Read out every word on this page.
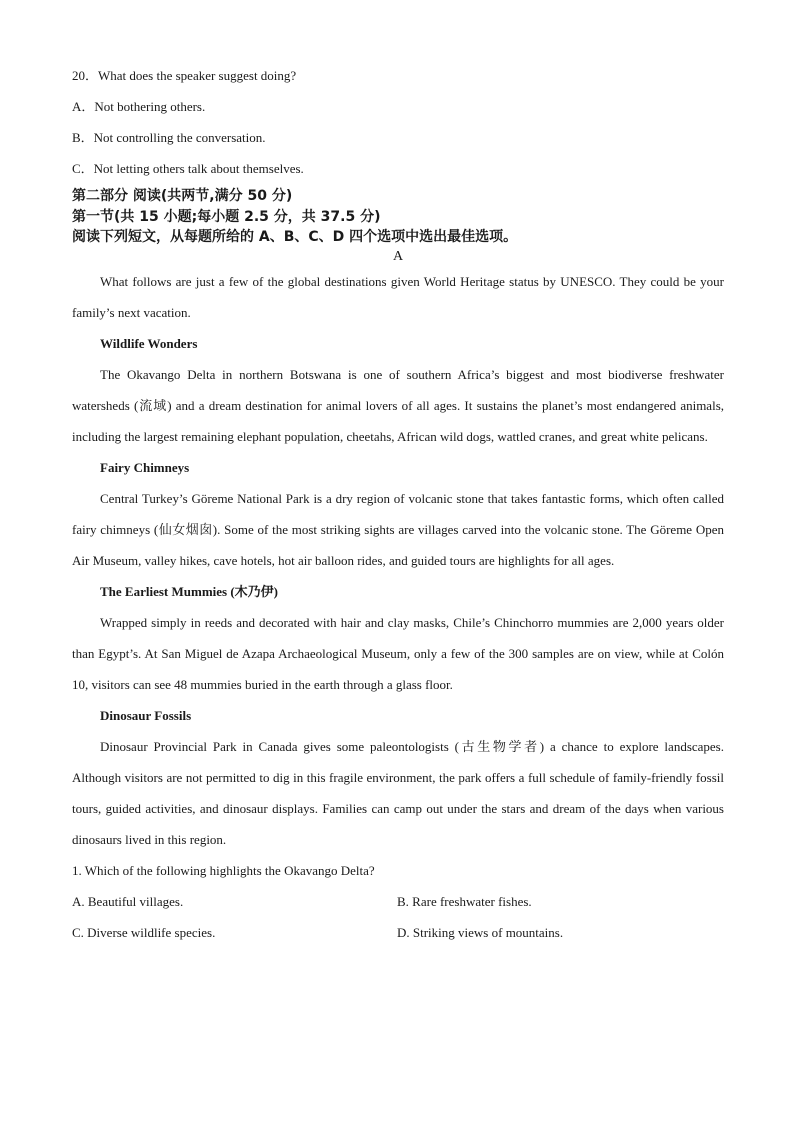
20．What does the speaker suggest doing?

A．Not bothering others.

B．Not controlling the conversation.

C．Not letting others talk about themselves.

第二部分 阅读(共两节,满分 50 分)

第一节(共 15 小题;每小题 2.5 分，共 37.5 分)

阅读下列短文，从每题所给的 A、B、C、D 四个选项中选出最佳选项。

A

What follows are just a few of the global destinations given World Heritage status by UNESCO. They could be your family’s next vacation.

Wildlife Wonders

The Okavango Delta in northern Botswana is one of southern Africa’s biggest and most biodiverse freshwater watersheds (流域) and a dream destination for animal lovers of all ages. It sustains the planet’s most endangered animals, including the largest remaining elephant population, cheetahs, African wild dogs, wattled cranes, and great white pelicans.

Fairy Chimneys

Central Turkey’s Göreme National Park is a dry region of volcanic stone that takes fantastic forms, which often called fairy chimneys (仙女烟囱). Some of the most striking sights are villages carved into the volcanic stone. The Göreme Open Air Museum, valley hikes, cave hotels, hot air balloon rides, and guided tours are highlights for all ages.

The Earliest Mummies (木乃伊)

Wrapped simply in reeds and decorated with hair and clay masks, Chile’s Chinchorro mummies are 2,000 years older than Egypt’s. At San Miguel de Azapa Archaeological Museum, only a few of the 300 samples are on view, while at Colón 10, visitors can see 48 mummies buried in the earth through a glass floor.

Dinosaur Fossils

Dinosaur Provincial Park in Canada gives some paleontologists (古生物学者) a chance to explore landscapes. Although visitors are not permitted to dig in this fragile environment, the park offers a full schedule of family-friendly fossil tours, guided activities, and dinosaur displays. Families can camp out under the stars and dream of the days when various dinosaurs lived in this region.

1. Which of the following highlights the Okavango Delta?

A. Beautiful villages.	B. Rare freshwater fishes.
C. Diverse wildlife species.	D. Striking views of mountains.
